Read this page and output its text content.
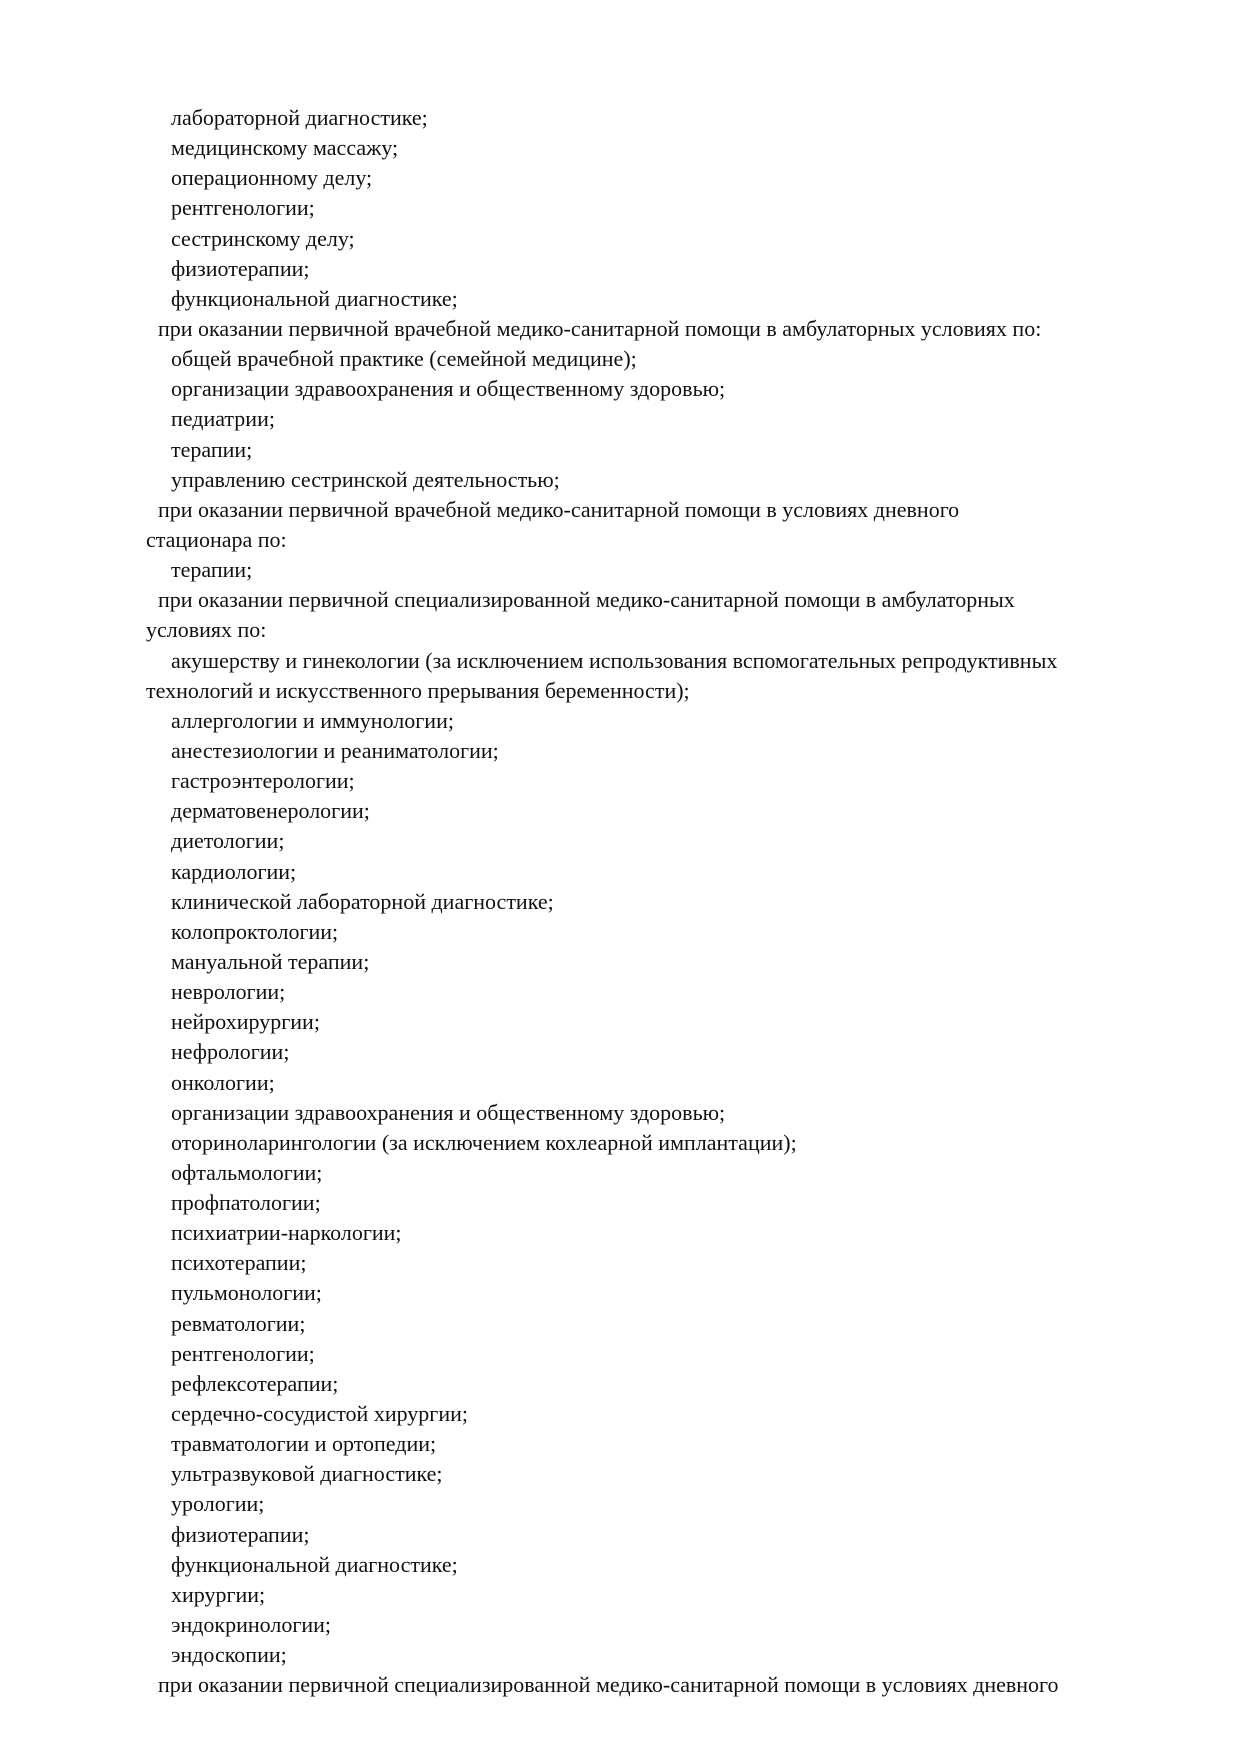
лабораторной диагностике;
медицинскому массажу;
операционному делу;
рентгенологии;
сестринскому делу;
физиотерапии;
функциональной диагностике;
при оказании первичной врачебной медико-санитарной помощи в амбулаторных условиях по:
общей врачебной практике (семейной медицине);
организации здравоохранения и общественному здоровью;
педиатрии;
терапии;
управлению сестринской деятельностью;
при оказании первичной врачебной медико-санитарной помощи в условиях дневного
стационара по:
терапии;
при оказании первичной специализированной медико-санитарной помощи в амбулаторных
условиях по:
акушерству и гинекологии (за исключением использования вспомогательных репродуктивных
технологий и искусственного прерывания беременности);
аллергологии и иммунологии;
анестезиологии и реаниматологии;
гастроэнтерологии;
дерматовенерологии;
диетологии;
кардиологии;
клинической лабораторной диагностике;
колопроктологии;
мануальной терапии;
неврологии;
нейрохирургии;
нефрологии;
онкологии;
организации здравоохранения и общественному здоровью;
оториноларингологии (за исключением кохлеарной имплантации);
офтальмологии;
профпатологии;
психиатрии-наркологии;
психотерапии;
пульмонологии;
ревматологии;
рентгенологии;
рефлексотерапии;
сердечно-сосудистой хирургии;
травматологии и ортопедии;
ультразвуковой диагностике;
урологии;
физиотерапии;
функциональной диагностике;
хирургии;
эндокринологии;
эндоскопии;
при оказании первичной специализированной медико-санитарной помощи в условиях дневного
